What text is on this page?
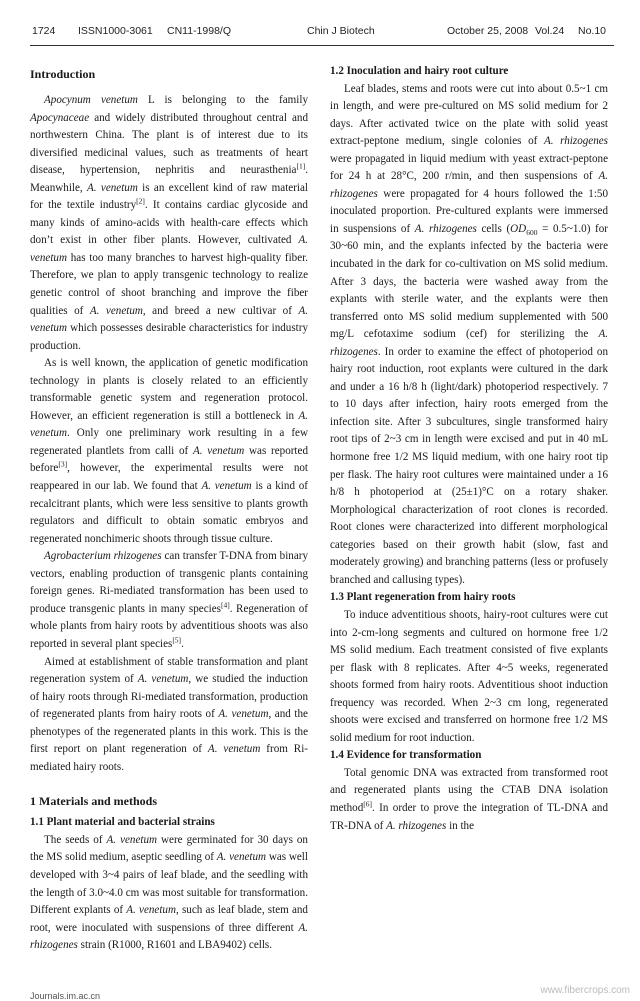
1724 ISSN1000-3061 CN11-1998/Q	Chin J Biotech	October 25, 2008 Vol.24 No.10
Introduction

Apocynum venetum L is belonging to the family Apocynaceae and widely distributed throughout central and northwestern China. The plant is of interest due to its diversified medicinal values, such as treatments of heart disease, hypertension, nephritis and neurasthenia[1]. Meanwhile, A. venetum is an excellent kind of raw material for the textile industry[2]. It contains cardiac glycoside and many kinds of amino-acids with health-care effects which don’t exist in other fiber plants. However, cultivated A. venetum has too many branches to harvest high-quality fiber. Therefore, we plan to apply transgenic technology to realize genetic control of shoot branching and improve the fiber qualities of A. venetum, and breed a new cultivar of A. venetum which possesses desirable characteristics for industry production.

As is well known, the application of genetic modification technology in plants is closely related to an efficiently transformable genetic system and regeneration protocol. However, an efficient regeneration is still a bottleneck in A. venetum. Only one preliminary work resulting in a few regenerated plantlets from calli of A. venetum was reported before[3], however, the experimental results were not reappeared in our lab. We found that A. venetum is a kind of recalcitrant plants, which were less sensitive to plants growth regulators and difficult to obtain somatic embryos and regenerated nonchimeric shoots through tissue culture.

Agrobacterium rhizogenes can transfer T-DNA from binary vectors, enabling production of transgenic plants containing foreign genes. Ri-mediated transformation has been used to produce transgenic plants in many species[4]. Regeneration of whole plants from hairy roots by adventitious shoots was also reported in several plant species[5].

Aimed at establishment of stable transformation and plant regeneration system of A. venetum, we studied the induction of hairy roots through Ri-mediated transformation, production of regenerated plants from hairy roots of A. venetum, and the phenotypes of the regenerated plants in this work. This is the first report on plant regeneration of A. venetum from Ri-mediated hairy roots.

1 Materials and methods
1.1 Plant material and bacterial strains

The seeds of A. venetum were germinated for 30 days on the MS solid medium, aseptic seedling of A. venetum was well developed with 3~4 pairs of leaf blade, and the seedling with the length of 3.0~4.0 cm was most suitable for transformation. Different explants of A. venetum, such as leaf blade, stem and root, were inoculated with suspensions of three different A. rhizogenes strain (R1000, R1601 and LBA9402) cells.

1.2 Inoculation and hairy root culture

Leaf blades, stems and roots were cut into about 0.5~1 cm in length, and were pre-cultured on MS solid medium for 2 days. After activated twice on the plate with solid yeast extract-peptone medium, single colonies of A. rhizogenes were propagated in liquid medium with yeast extract-peptone for 24 h at 28°C, 200 r/min, and then suspensions of A. rhizogenes were propagated for 4 hours followed the 1:50 inoculated proportion. Pre-cultured explants were immersed in suspensions of A. rhizogenes cells ($OD_{600}$ = 0.5~1.0) for 30~60 min, and the explants infected by the bacteria were incubated in the dark for co-cultivation on MS solid medium. After 3 days, the bacteria were washed away from the explants with sterile water, and the explants were then transferred onto MS solid medium supplemented with 500 mg/L cefotaxime sodium (cef) for sterilizing the A. rhizogenes. In order to examine the effect of photoperiod on hairy root induction, root explants were cultured in the dark and under a 16 h/8 h (light/dark) photoperiod respectively. 7 to 10 days after infection, hairy roots emerged from the infection site. After 3 subcultures, single transformed hairy root tips of 2~3 cm in length were excised and put in 40 mL hormone free 1/2 MS liquid medium, with one hairy root tip per flask. The hairy root cultures were maintained under a 16 h/8 h photoperiod at (25±1)°C on a rotary shaker. Morphological characterization of root clones is recorded. Root clones were characterized into different morphological categories based on their growth habit (slow, fast and moderately growing) and branching patterns (less or profusely branched and callusing types).

1.3 Plant regeneration from hairy roots

To induce adventitious shoots, hairy-root cultures were cut into 2-cm-long segments and cultured on hormone free 1/2 MS solid medium. Each treatment consisted of five explants per flask with 8 replicates. After 4~5 weeks, regenerated shoots formed from hairy roots. Adventitious shoot induction frequency was recorded. When 2~3 cm long, regenerated shoots were excised and transferred on hormone free 1/2 MS solid medium for root induction.

1.4 Evidence for transformation

Total genomic DNA was extracted from transformed root and regenerated plants using the CTAB DNA isolation method[6]. In order to prove the integration of TL-DNA and TR-DNA of A. rhizogenes in the

Journals.im.ac.cn	www.fibercrops.com
